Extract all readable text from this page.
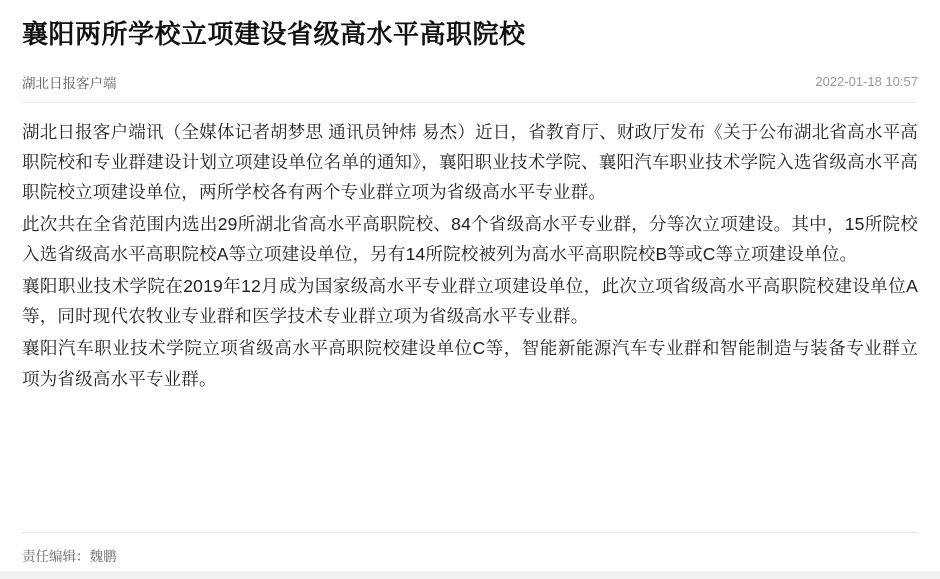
襄阳两所学校立项建设省级高水平高职院校
湖北日报客户端	2022-01-18 10:57

湖北日报客户端讯（全媒体记者胡梦思 通讯员钟炜 易杰）近日，省教育厅、财政厅发布《关于公布湖北省高水平高职院校和专业群建设计划立项建设单位名单的通知》，襄阳职业技术学院、襄阳汽车职业技术学院入选省级高水平高职院校立项建设单位，两所学校各有两个专业群立项为省级高水平专业群。

此次共在全省范围内选出29所湖北省高水平高职院校、84个省级高水平专业群，分等次立项建设。其中，15所院校入选省级高水平高职院校A等立项建设单位，另有14所院校被列为高水平高职院校B等或C等立项建设单位。

襄阳职业技术学院在2019年12月成为国家级高水平专业群立项建设单位，此次立项省级高水平高职院校建设单位A等，同时现代农牧业专业群和医学技术专业群立项为省级高水平专业群。

襄阳汽车职业技术学院立项省级高水平高职院校建设单位C等，智能新能源汽车专业群和智能制造与装备专业群立项为省级高水平专业群。

责任编辑：魏鹏
